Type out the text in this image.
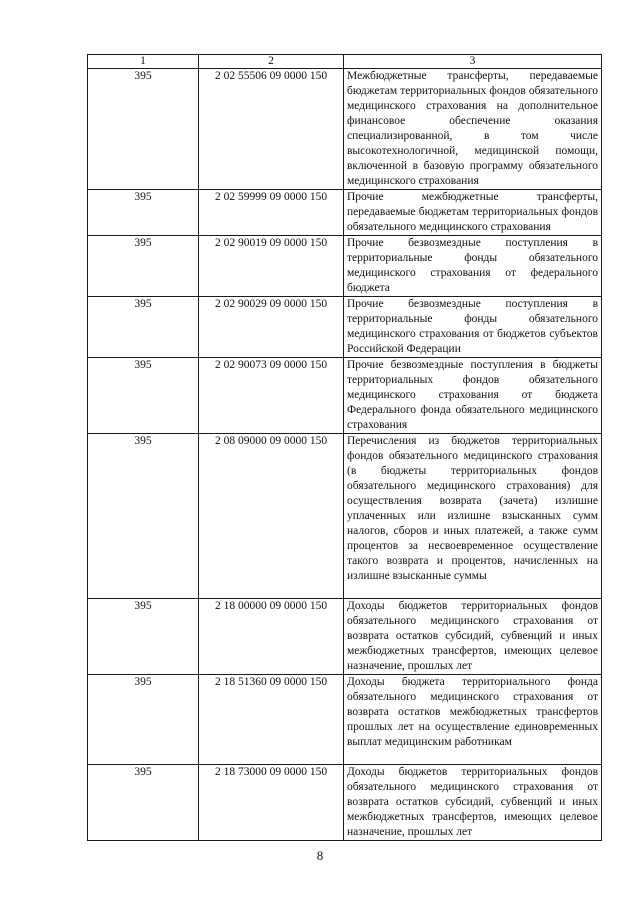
1	2	3
395	2 02 55506 09 0000 150	Межбюджетные трансферты, передаваемые бюджетам территориальных фондов обязательного медицинского страхования на дополнительное финансовое обеспечение оказания специализированной, в том числе высокотехнологичной, медицинской помощи, включенной в базовую программу обязательного медицинского страхования
395	2 02 59999 09 0000 150	Прочие межбюджетные трансферты, передаваемые бюджетам территориальных фондов обязательного медицинского страхования
395	2 02 90019 09 0000 150	Прочие безвозмездные поступления в территориальные фонды обязательного медицинского страхования от федерального бюджета
395	2 02 90029 09 0000 150	Прочие безвозмездные поступления в территориальные фонды обязательного медицинского страхования от бюджетов субъектов Российской Федерации
395	2 02 90073 09 0000 150	Прочие безвозмездные поступления в бюджеты территориальных фондов обязательного медицинского страхования от бюджета Федерального фонда обязательного медицинского страхования
395	2 08 09000 09 0000 150	Перечисления из бюджетов территориальных фондов обязательного медицинского страхования (в бюджеты территориальных фондов обязательного медицинского страхования) для осуществления возврата (зачета) излишне уплаченных или излишне взысканных сумм налогов, сборов и иных платежей, а также сумм процентов за несвоевременное осуществление такого возврата и процентов, начисленных на излишне взысканные суммы
395	2 18 00000 09 0000 150	Доходы бюджетов территориальных фондов обязательного медицинского страхования от возврата остатков субсидий, субвенций и иных межбюджетных трансфертов, имеющих целевое назначение, прошлых лет
395	2 18 51360 09 0000 150	Доходы бюджета территориального фонда обязательного медицинского страхования от возврата остатков межбюджетных трансфертов прошлых лет на осуществление единовременных выплат медицинским работникам
395	2 18 73000 09 0000 150	Доходы бюджетов территориальных фондов обязательного медицинского страхования от возврата остатков субсидий, субвенций и иных межбюджетных трансфертов, имеющих целевое назначение, прошлых лет
8
